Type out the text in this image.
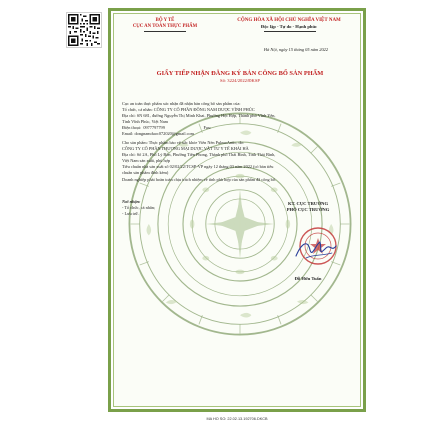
BỘ Y TẾ

CỤC AN TOÀN THỰC PHẨM

CỘNG HÒA XÃ HỘI CHỦ NGHĨA VIỆT NAM

Độc lập - Tự do - Hạnh phúc

Hà Nội, ngày 15 tháng 05 năm 2022

GIẤY TIẾP NHẬN ĐĂNG KÝ BẢN CÔNG BỐ SẢN PHẨM

Số: 3224/2022/ĐKSP

Cục an toàn thực phẩm xác nhận đã nhận bản công bố sản phẩm của:

Tổ chức, cá nhân: CÔNG TY CỔ PHẦN ĐÔNG NAM DƯỢC VĨNH PHÚC

Địa chỉ: SN 681, đường Nguyễn Thị Minh Khai, Phường Hội Hợp, Thành phố Vĩnh Yên,

Tỉnh Vĩnh Phúc, Việt Nam

Điện thoại:  0977797799                                    Fax:

Email: dongnamduoc072020@gmail.com

Cho sản phẩm: Thực phẩm bảo vệ sức khỏe Viên Nén PulmoAntic, do:

CÔNG TY CỔ PHẦN THƯƠNG MẠI DƯỢC VẬT TƯ Y TẾ KHẢI HÀ

Địa chỉ: Số 2A, Phố Lý Bôn, Phường Tiền Phong, Thành phố Thái Bình, Tỉnh Thái Bình,

Việt Nam sản xuất, phù hợp

Tiêu chuẩn nhà sản xuất số 02/02/22/TCSP-VP ngày 12 tháng 03 năm 2022 (có bản tiêu

chuẩn sản phẩm đính kèm)

Doanh nghiệp phải hoàn toàn chịu trách nhiệm về tính phù hợp của sản phẩm đã công bố.

Nơi nhận:

- Tổ chức, cá nhân;

- Lưu trữ.

KT. CỤC TRƯỞNG

PHÓ CỤC TRƯỞNG

Đỗ Hữu Tuấn

MA HO SO: 22.02.13.192706.DKCB
